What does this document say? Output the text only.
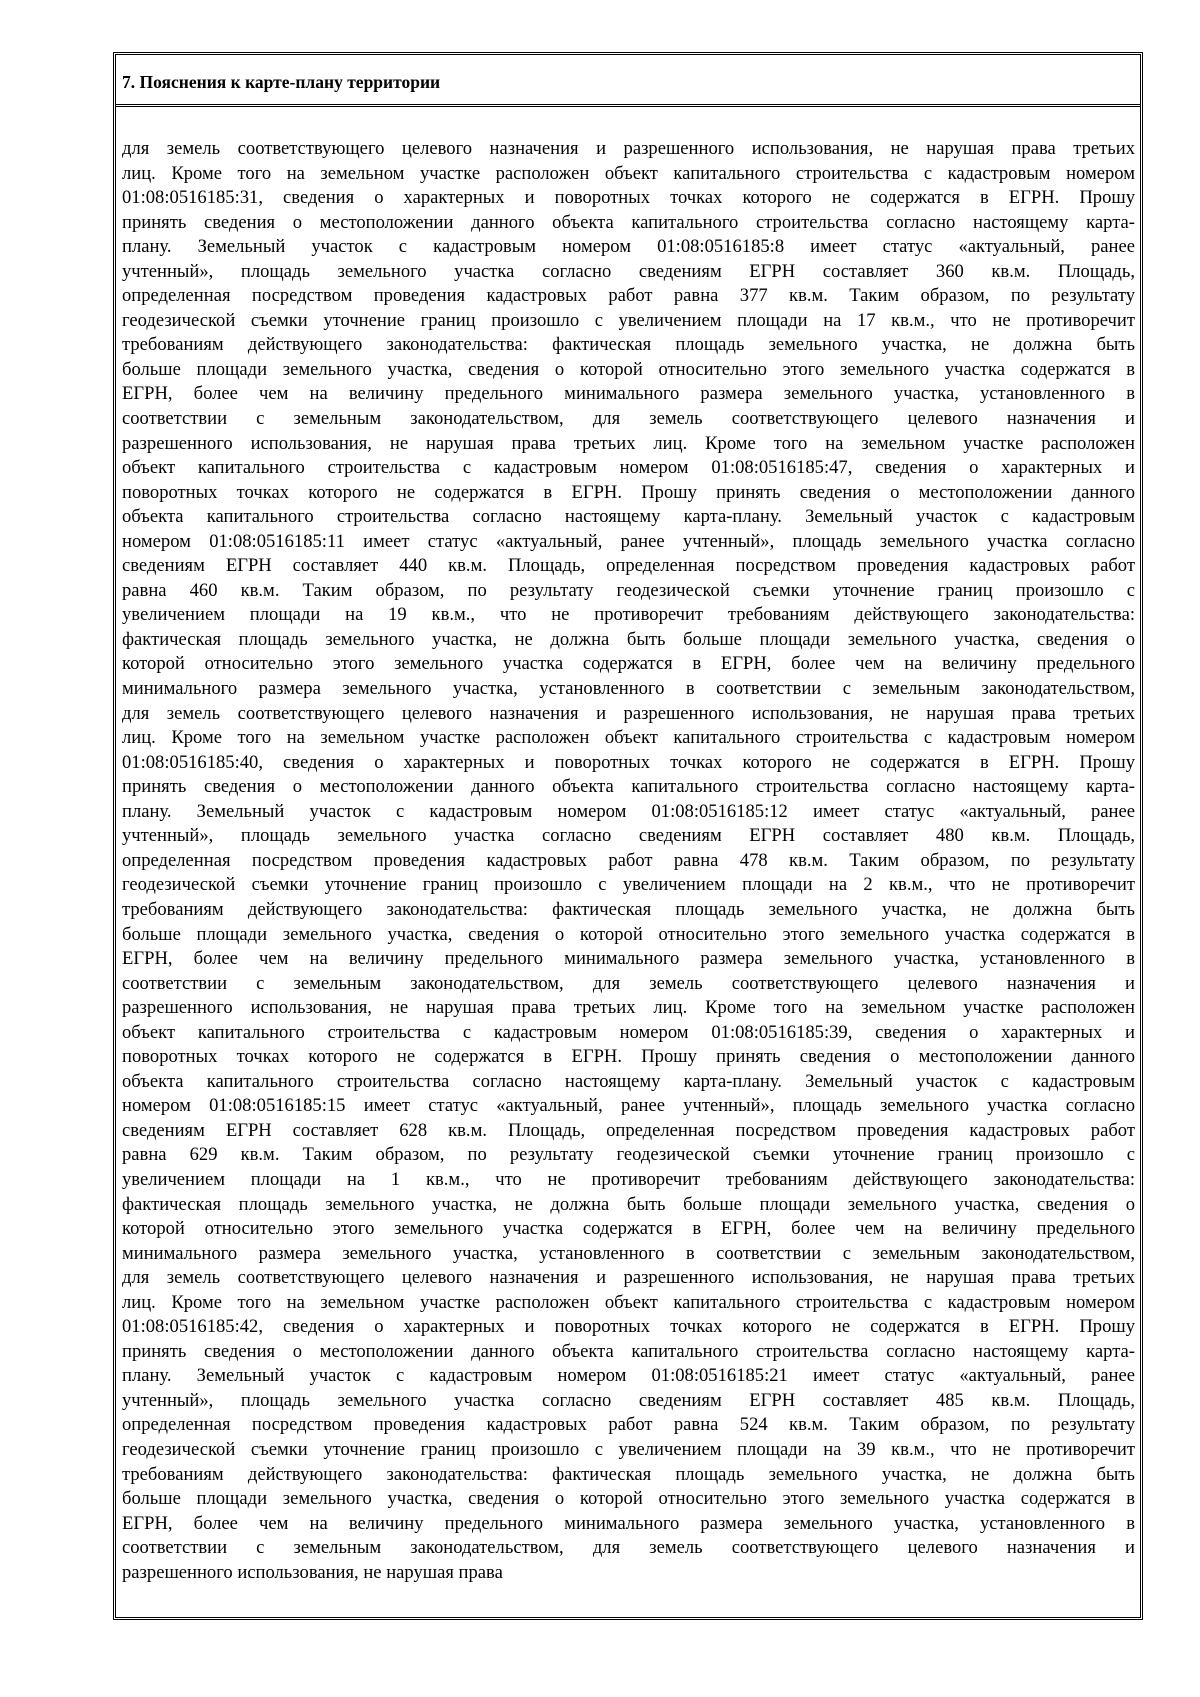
7. Пояснения к карте-плану территории
для земель соответствующего целевого назначения и разрешенного использования, не нарушая права третьих
лиц. Кроме того на земельном участке расположен объект капитального строительства с кадастровым номером
01:08:0516185:31, сведения о характерных и поворотных точках которого не содержатся в ЕГРН. Прошу
принять сведения о местоположении данного объекта капитального строительства согласно настоящему карта-
плану. Земельный участок с кадастровым номером 01:08:0516185:8 имеет статус «актуальный, ранее
учтенный», площадь земельного участка согласно сведениям ЕГРН составляет 360 кв.м. Площадь,
определенная посредством проведения кадастровых работ равна 377 кв.м. Таким образом, по результату
геодезической съемки уточнение границ произошло с увеличением площади на 17 кв.м., что не противоречит
требованиям действующего законодательства: фактическая площадь земельного участка, не должна быть
больше площади земельного участка, сведения о которой относительно этого земельного участка содержатся в
ЕГРН, более чем на величину предельного минимального размера земельного участка, установленного в
соответствии с земельным законодательством, для земель соответствующего целевого назначения и
разрешенного использования, не нарушая права третьих лиц. Кроме того на земельном участке расположен
объект капитального строительства с кадастровым номером 01:08:0516185:47, сведения о характерных и
поворотных точках которого не содержатся в ЕГРН. Прошу принять сведения о местоположении данного
объекта капитального строительства согласно настоящему карта-плану. Земельный участок с кадастровым
номером 01:08:0516185:11 имеет статус «актуальный, ранее учтенный», площадь земельного участка согласно
сведениям ЕГРН составляет 440 кв.м. Площадь, определенная посредством проведения кадастровых работ
равна 460 кв.м. Таким образом, по результату геодезической съемки уточнение границ произошло с
увеличением площади на 19 кв.м., что не противоречит требованиям действующего законодательства:
фактическая площадь земельного участка, не должна быть больше площади земельного участка, сведения о
которой относительно этого земельного участка содержатся в ЕГРН, более чем на величину предельного
минимального размера земельного участка, установленного в соответствии с земельным законодательством,
для земель соответствующего целевого назначения и разрешенного использования, не нарушая права третьих
лиц. Кроме того на земельном участке расположен объект капитального строительства с кадастровым номером
01:08:0516185:40, сведения о характерных и поворотных точках которого не содержатся в ЕГРН. Прошу
принять сведения о местоположении данного объекта капитального строительства согласно настоящему карта-
плану. Земельный участок с кадастровым номером 01:08:0516185:12 имеет статус «актуальный, ранее
учтенный», площадь земельного участка согласно сведениям ЕГРН составляет 480 кв.м. Площадь,
определенная посредством проведения кадастровых работ равна 478 кв.м. Таким образом, по результату
геодезической съемки уточнение границ произошло с увеличением площади на 2 кв.м., что не противоречит
требованиям действующего законодательства: фактическая площадь земельного участка, не должна быть
больше площади земельного участка, сведения о которой относительно этого земельного участка содержатся в
ЕГРН, более чем на величину предельного минимального размера земельного участка, установленного в
соответствии с земельным законодательством, для земель соответствующего целевого назначения и
разрешенного использования, не нарушая права третьих лиц. Кроме того на земельном участке расположен
объект капитального строительства с кадастровым номером 01:08:0516185:39, сведения о характерных и
поворотных точках которого не содержатся в ЕГРН. Прошу принять сведения о местоположении данного
объекта капитального строительства согласно настоящему карта-плану. Земельный участок с кадастровым
номером 01:08:0516185:15 имеет статус «актуальный, ранее учтенный», площадь земельного участка согласно
сведениям ЕГРН составляет 628 кв.м. Площадь, определенная посредством проведения кадастровых работ
равна 629 кв.м. Таким образом, по результату геодезической съемки уточнение границ произошло с
увеличением площади на 1 кв.м., что не противоречит требованиям действующего законодательства:
фактическая площадь земельного участка, не должна быть больше площади земельного участка, сведения о
которой относительно этого земельного участка содержатся в ЕГРН, более чем на величину предельного
минимального размера земельного участка, установленного в соответствии с земельным законодательством,
для земель соответствующего целевого назначения и разрешенного использования, не нарушая права третьих
лиц. Кроме того на земельном участке расположен объект капитального строительства с кадастровым номером
01:08:0516185:42, сведения о характерных и поворотных точках которого не содержатся в ЕГРН. Прошу
принять сведения о местоположении данного объекта капитального строительства согласно настоящему карта-
плану. Земельный участок с кадастровым номером 01:08:0516185:21 имеет статус «актуальный, ранее
учтенный», площадь земельного участка согласно сведениям ЕГРН составляет 485 кв.м. Площадь,
определенная посредством проведения кадастровых работ равна 524 кв.м. Таким образом, по результату
геодезической съемки уточнение границ произошло с увеличением площади на 39 кв.м., что не противоречит
требованиям действующего законодательства: фактическая площадь земельного участка, не должна быть
больше площади земельного участка, сведения о которой относительно этого земельного участка содержатся в
ЕГРН, более чем на величину предельного минимального размера земельного участка, установленного в
соответствии с земельным законодательством, для земель соответствующего целевого назначения и
разрешенного использования, не нарушая права
